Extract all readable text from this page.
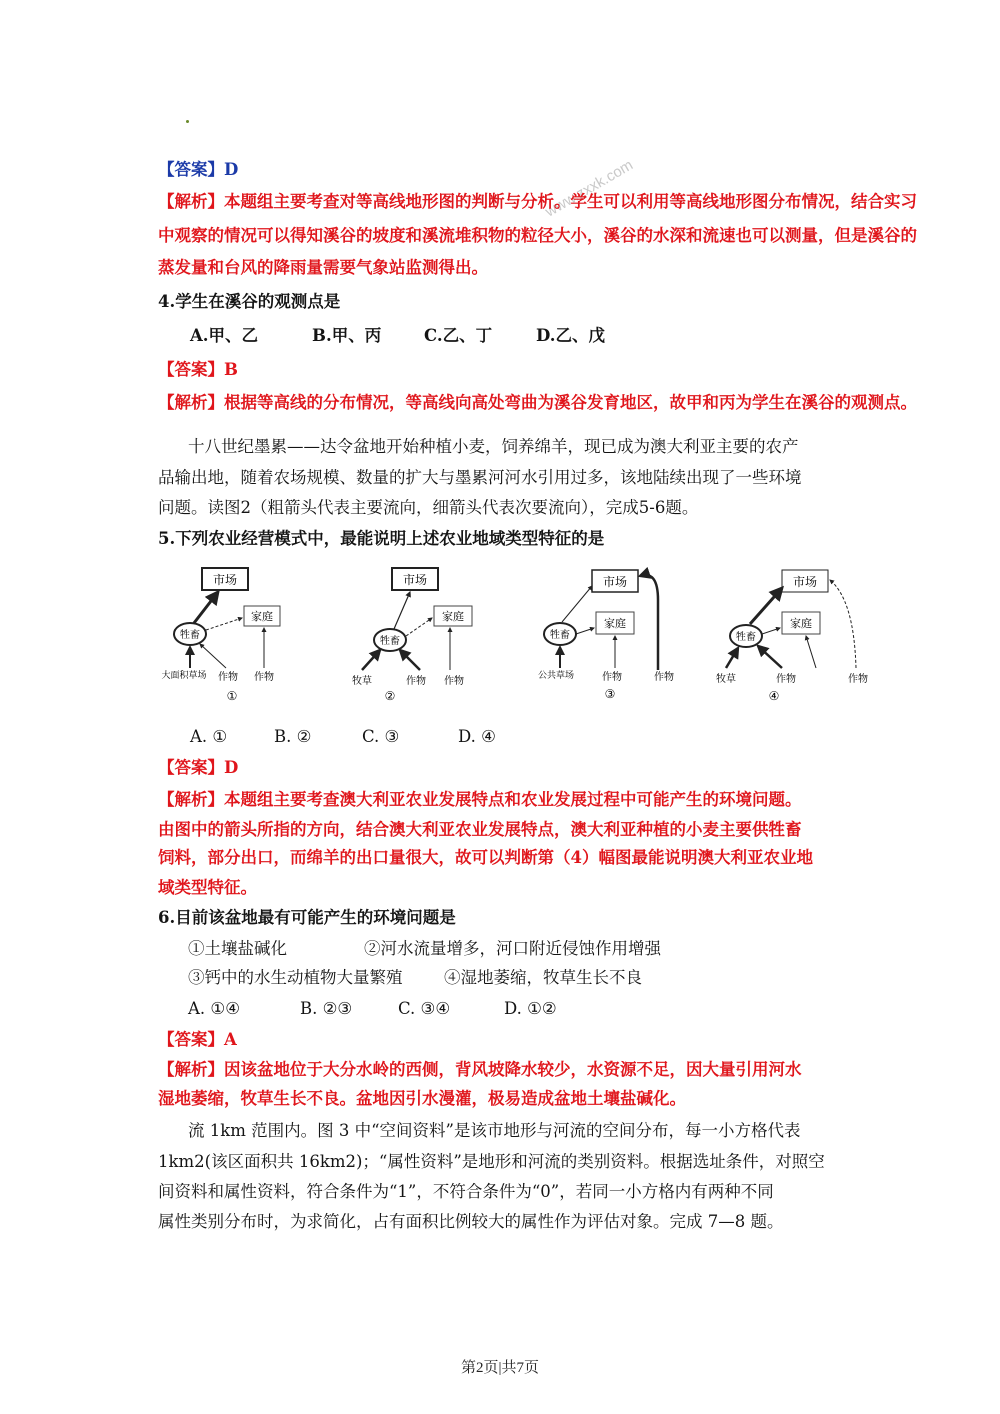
www.zxxk.com
【答案】D
【解析】本题组主要考查对等高线地形图的判断与分析。学生可以利用等高线地形图分布情况，结合实习
中观察的情况可以得知溪谷的坡度和溪流堆积物的粒径大小，溪谷的水深和流速也可以测量，但是溪谷的
蒸发量和台风的降雨量需要气象站监测得出。
4.学生在溪谷的观测点是
A.甲、乙	B.甲、丙	C.乙、丁	D.乙、戊
【答案】B
【解析】根据等高线的分布情况，等高线向高处弯曲为溪谷发育地区，故甲和丙为学生在溪谷的观测点。
十八世纪墨累——达令盆地开始种植小麦，饲养绵羊，现已成为澳大利亚主要的农产
品输出地，随着农场规模、数量的扩大与墨累河河水引用过多，该地陆续出现了一些环境
问题。读图2（粗箭头代表主要流向，细箭头代表次要流向），完成5-6题。
5.下列农业经营模式中，最能说明上述农业地域类型特征的是
市场
家庭
牲畜
大面积草场 作物 作物
①
市场
家庭
牲畜
牧草	作物 作物
②
市场
家庭
牲畜
公共草场	作物	作物
③
市场
家庭
牲畜
牧草	作物	作物
④
A. ①	B. ②	C. ③	D. ④
【答案】D
【解析】本题组主要考查澳大利亚农业发展特点和农业发展过程中可能产生的环境问题。
由图中的箭头所指的方向，结合澳大利亚农业发展特点，澳大利亚种植的小麦主要供牲畜
饲料，部分出口，而绵羊的出口量很大，故可以判断第（4）幅图最能说明澳大利亚农业地
域类型特征。
6.目前该盆地最有可能产生的环境问题是
①土壤盐碱化	②河水流量增多，河口附近侵蚀作用增强
③钙中的水生动植物大量繁殖	④湿地萎缩，牧草生长不良
A. ①④	B. ②③	C. ③④	D. ①②
【答案】A
【解析】因该盆地位于大分水岭的西侧，背风坡降水较少，水资源不足，因大量引用河水
湿地萎缩，牧草生长不良。盆地因引水漫灌，极易造成盆地土壤盐碱化。
流 1km 范围内。图 3 中“空间资料”是该市地形与河流的空间分布，每一小方格代表
1km2(该区面积共 16km2)；“属性资料”是地形和河流的类别资料。根据选址条件，对照空
间资料和属性资料，符合条件为“1”，不符合条件为“0”，若同一小方格内有两种不同
属性类别分布时，为求简化，占有面积比例较大的属性作为评估对象。完成 7—8 题。
第2页|共7页
